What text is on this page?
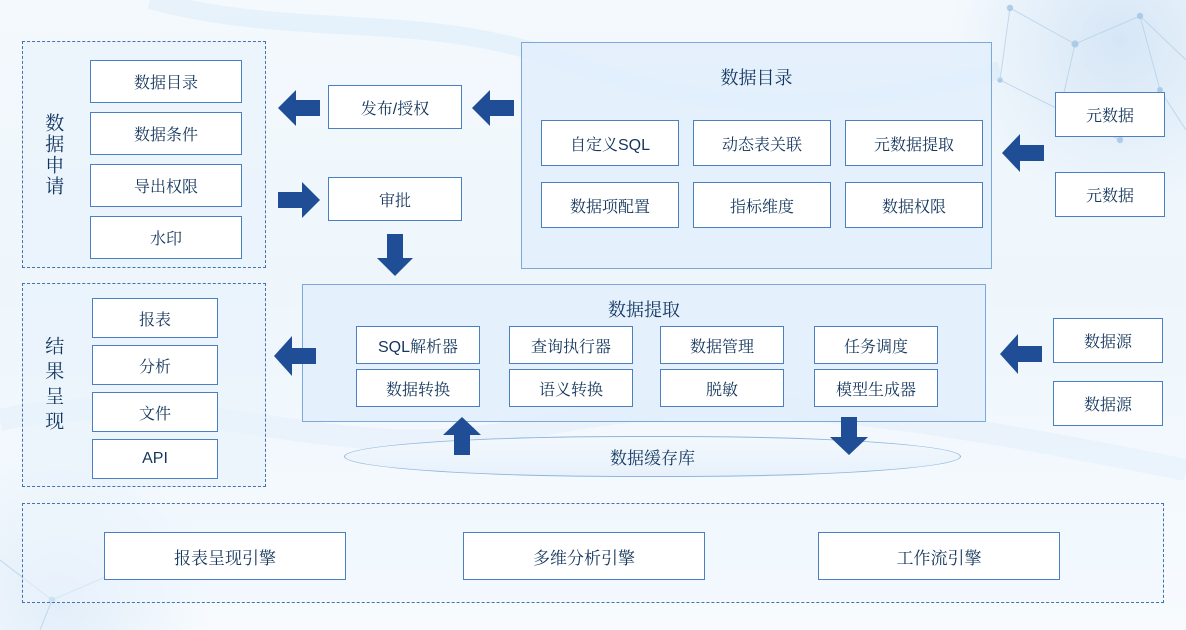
数据申请
数据目录
数据条件
导出权限
水印
结果呈现
报表
分析
文件
API
发布/授权
审批
数据目录
自定义SQL	动态表关联	元数据提取
数据项配置	指标维度	数据权限
元数据
元数据
数据提取
SQL解析器	查询执行器	数据管理	任务调度
数据转换	语义转换	脱敏	模型生成器
数据源
数据源
数据缓存库
报表呈现引擎	多维分析引擎	工作流引擎
